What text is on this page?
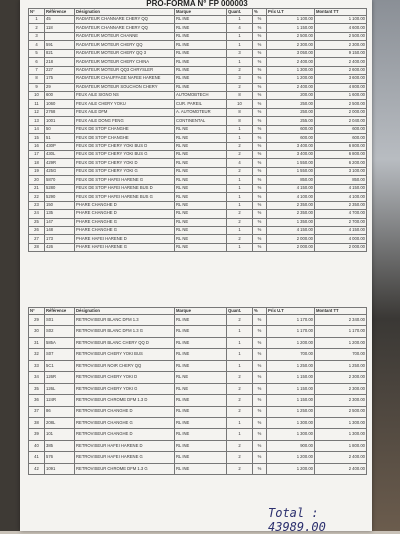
PRO-FORMA N° FP 000003
N°	Référence	Désignation	Marque	Quant.	%	Prix U.T	Montant TT
1	45	RADIATEUR CHANNARE CHERY QQ	RL INE	1	%	1 100.00	1 100.00
2	118	RADIATEUR CHANNARE CHERY QQ	RL INE	4	%	1 150.00	4 600.00
3		RADIATEUR MOTEUR CHANNE	RL INE	1	%	2 500.00	2 500.00
4	591	RADIATEUR MOTEUR CHERY QQ	RL INE	1	%	2 300.00	2 300.00
5	821	RADIATEUR MOTEUR CHERY QQ 3	RL INE	3	%	3 050.00	9 150.00
6	218	RADIATEUR MOTEUR CHERY CHINA	RL INE	1	%	2 400.00	2 400.00
7	227	RADIATEUR MOTEUR QQ3 CHRYSLER	RL INE	2	%	1 300.00	2 600.00
8	175	RADIATEUR CHAUFFAGE NAFEE HARENE	RL INE	3	%	1 200.00	3 600.00
9	29	RADIATEUR MOTEUR SOUCHON CHERY	RL INE	2	%	2 400.00	4 800.00
10	600	FEUX AILE SIGNO NS	AUTOMOBTECH	8	%	200.00	1 600.00
11	1060	FEUX AILE CHERY YOKU	CUR. PAREIL	10	%	250.00	2 500.00
12	2768	FEUX AILE DFM	A. AUTOMOTEUR	8	%	250.00	2 000.00
13	1001	FEUX AILE DONG FENG	CONTINENTAL	8	%	255.00	2 040.00
14	50	FEUX DE STOP CHANGHE	RL NE	1	%	600.00	600.00
15	51	FEUX DE STOP CHANGHE	RL NE	1	%	600.00	600.00
16	430P	FEUX DE STOP CHERY YOKI BUS D	RL NE	2	%	3 400.00	6 800.00
17	430L	FEUX DE STOP CHERY YOKI BUS G	RL NE	2	%	3 400.00	6 800.00
18	429R	FEUX DE STOP CHERY YOKI D	RL NE	4	%	1 550.00	6 200.00
19	425G	FEUX DE STOP CHERY YOKI G	RL NE	2	%	1 550.00	3 100.00
20	5870	FEUX DE STOP HAFEI HARENE G	RL NE	1	%	850.00	850.00
21	5280	FEUX DE STOP HAFEI HARENE BUS D	RL NE	1	%	4 150.00	4 150.00
22	5290	FEUX DE STOP HAFEI HARENE BUS G	RL NE	1	%	4 100.00	4 100.00
23	150	PHARE CHANGHE D	RL NE	1	%	2 350.00	2 350.00
24	135	PHARE CHANGHE D	RL NE	2	%	2 350.00	4 700.00
25	147	PHARE CHANGHE G	RL NE	2	%	1 350.00	2 700.00
26	148	PHARE CHANGHE G	RL NE	1	%	4 150.00	4 150.00
27	173	PHARE HAFEI HARENE D	RL NE	2	%	2 000.00	4 000.00
28	426	PHARE HAFEI HARENE G	RL NE	1	%	2 000.00	2 000.00
N°	Référence	Désignation	Marque	Quant.	%	Prix U.T	Montant TT
29	S01	RETROVISEUR BLANC DFM 1.3	RL INE	2	%	1 170.00	2 340.00
30	S02	RETROVISEUR BLANC DFM 1.3 G	RL INE	1	%	1 170.00	1 170.00
31	585A	RETROVISEUR BLANC CHERY QQ D	RL INE	1	%	1 200.00	1 200.00
32	S07	RETROVISEUR CHERY YOKI BUS	RL INE	1	%	700.00	700.00
33	5C1	RETROVISEUR NOIR CHERY QQ	RL INE	1	%	1 250.00	1 250.00
34	126R	RETROVISEUR CHERY YOKI D	RL NE	2	%	1 150.00	2 300.00
35	126L	RETROVISEUR CHERY YOKI G	RL NE	2	%	1 150.00	2 300.00
36	124R	RETROVISEUR CHROME DFM 1.3 D	RL INE	2	%	1 150.00	2 300.00
37	86	RETROVISEUR CHANGHE D	RL INE	2	%	1 250.00	2 500.00
38	208L	RETROVISEUR CHANGHE G	RL INE	1	%	1 300.00	1 300.00
39	101	RETROVISEUR CHANGHE D	RL INE	1	%	1 300.00	1 300.00
40	385	RETROVISEUR HAFEI HARENE D	RL INE	2	%	900.00	1 800.00
41	576	RETROVISEUR HAFEI HARENE G	RL INE	2	%	1 200.00	2 400.00
42	1091	RETROVISEUR CHROME DFM 1.3 G	RL INE	2	%	1 200.00	2 400.00
Total : 43989.00
